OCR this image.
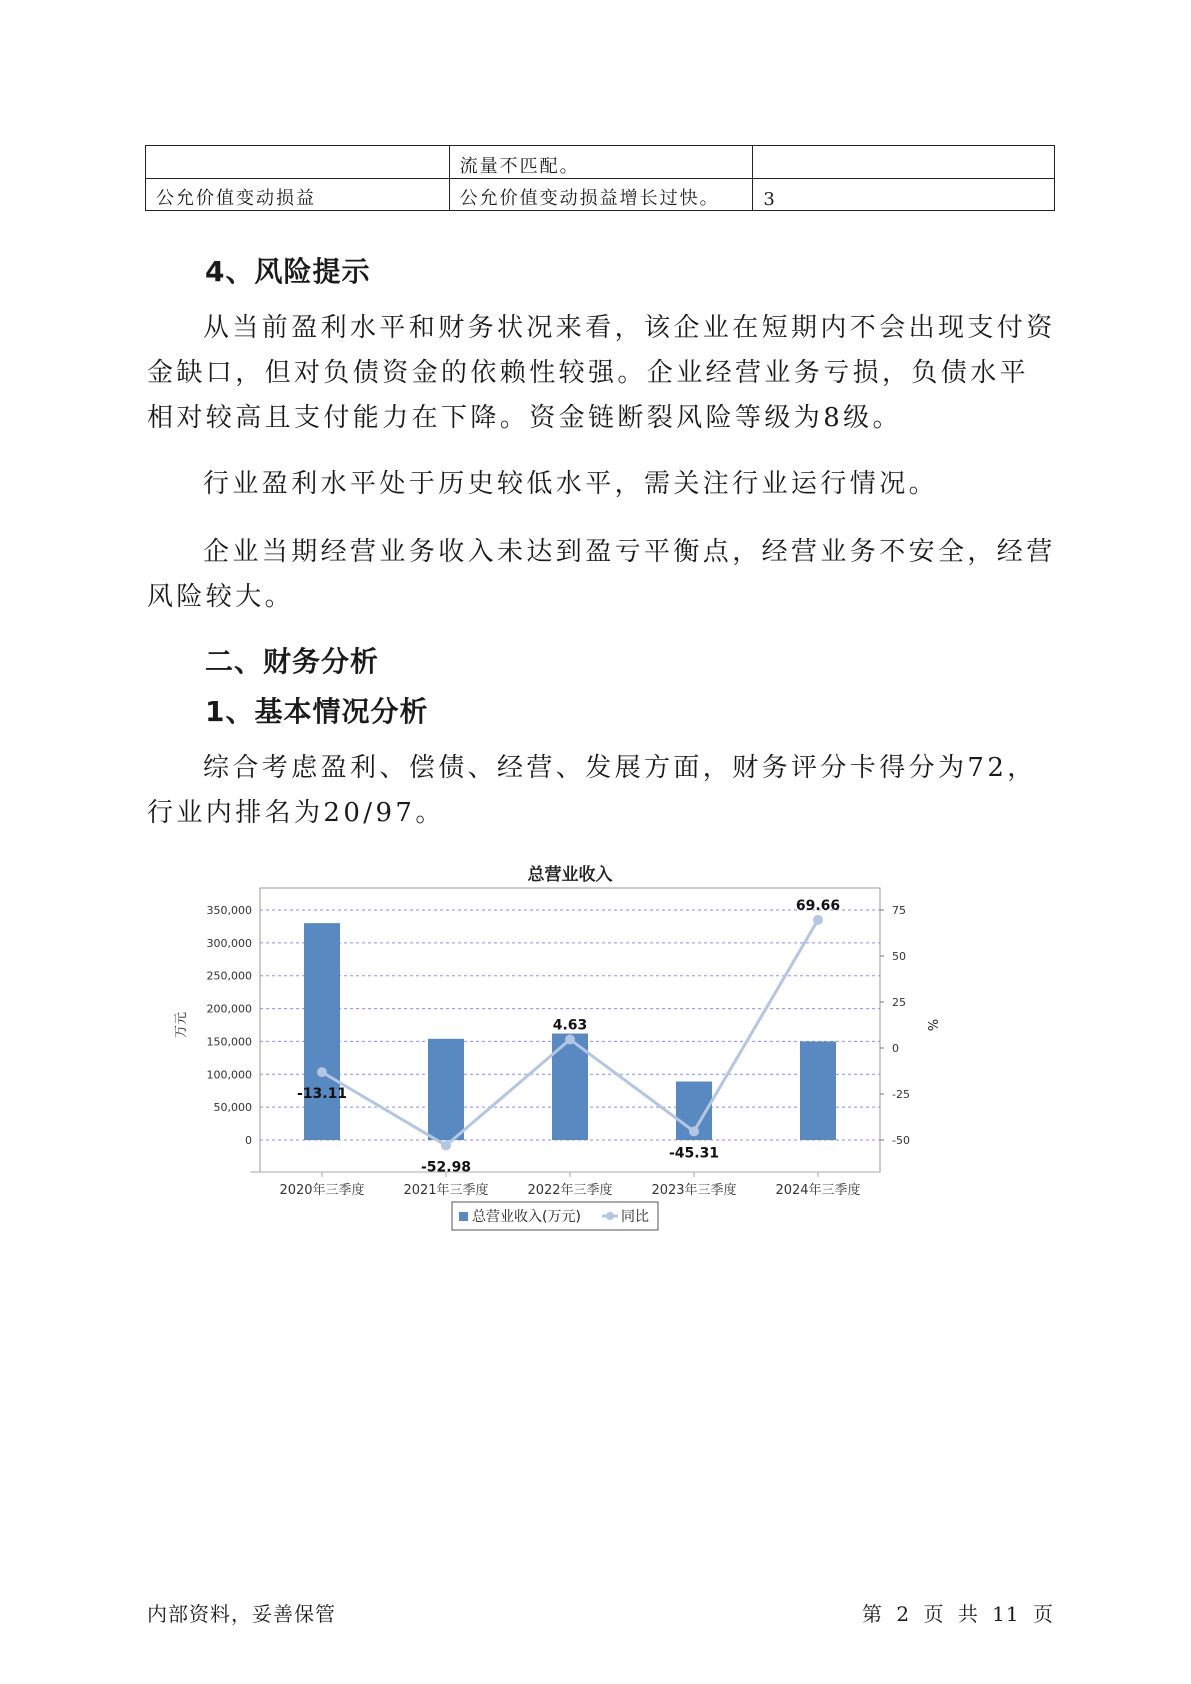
	流量不匹配。	
公允价值变动损益	公允价值变动损益增长过快。	3
4、风险提示

从当前盈利水平和财务状况来看，该企业在短期内不会出现支付资金缺口，但对负债资金的依赖性较强。企业经营业务亏损，负债水平相对较高且支付能力在下降。资金链断裂风险等级为8级。

行业盈利水平处于历史较低水平，需关注行业运行情况。

企业当期经营业务收入未达到盈亏平衡点，经营业务不安全，经营风险较大。

二、财务分析
1、基本情况分析

综合考虑盈利、偿债、经营、发展方面，财务评分卡得分为72，行业内排名为20/97。

总营业收入
0
50,000
100,000
150,000
200,000
250,000
300,000
350,000
-50
-25
0
25
50
75
万元	%
2020年三季度	2021年三季度	2022年三季度	2023年三季度	2024年三季度
-13.11
-52.98
4.63
-45.31
69.66
总营业收入(万元)	同比
内部资料，妥善保管	第 2 页 共 11 页
